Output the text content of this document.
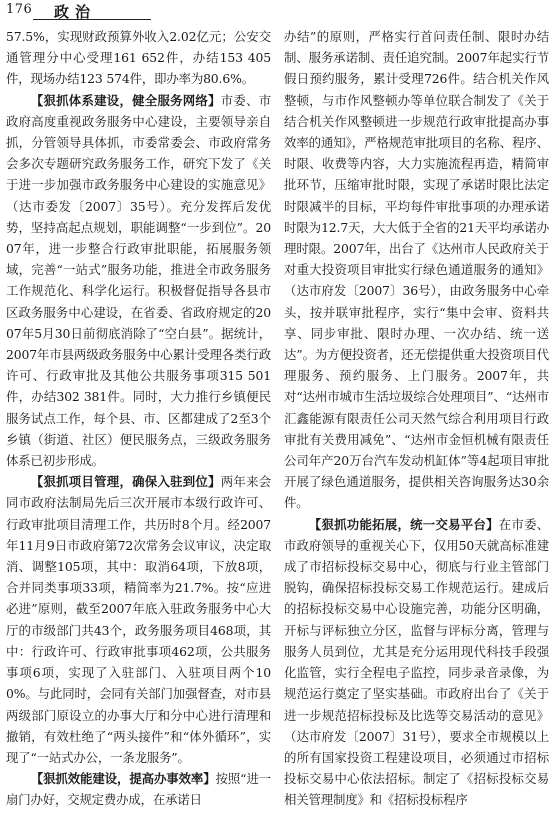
176 政治

57.5%，实现财政预算外收入2.02亿元；公安交通管理分中心受理161 652件，办结153 405件，现场办结123 574件，即办率为80.6%。

【狠抓体系建设，健全服务网络】市委、市政府高度重视政务服务中心建设，主要领导亲自抓，分管领导具体抓，市委常委会、市政府常务会多次专题研究政务服务工作，研究下发了《关于进一步加强市政务服务中心建设的实施意见》（达市委发〔2007〕35号）。充分发挥后发优势，坚持高起点规划，职能调整“一步到位”。2007年，进一步整合行政审批职能，拓展服务领域，完善“一站式”服务功能，推进全市政务服务工作规范化、科学化运行。积极督促指导各县市区政务服务中心建设，在省委、省政府规定的2007年5月30日前彻底消除了“空白县”。据统计，2007年市县两级政务服务中心累计受理各类行政许可、行政审批及其他公共服务事项315 501件，办结302 381件。同时，大力推行乡镇便民服务试点工作，每个县、市、区都建成了2至3个乡镇（街道、社区）便民服务点，三级政务服务体系已初步形成。

【狠抓项目管理，确保入驻到位】两年来会同市政府法制局先后三次开展市本级行政许可、行政审批项目清理工作，共历时8个月。经2007年11月9日市政府第72次常务会议审议，决定取消、调整105项，其中：取消64项，下放8项，合并同类事项33项，精简率为21.7%。按“应进必进”原则，截至2007年底入驻政务服务中心大厅的市级部门共43个，政务服务项目468项，其中：行政许可、行政审批事项462项，公共服务事项6项，实现了入驻部门、入驻项目两个100%。与此同时，会同有关部门加强督查，对市县两级部门原设立的办事大厅和分中心进行清理和撤销，有效杜绝了“两头接件”和“体外循环”，实现了“一站式办公，一条龙服务”。

【狠抓效能建设，提高办事效率】按照“进一扇门办好，交规定费办成，在承诺日

办结”的原则，严格实行首问责任制、限时办结制、服务承诺制、责任追究制。2007年起实行节假日预约服务，累计受理726件。结合机关作风整顿，与市作风整顿办等单位联合制发了《关于结合机关作风整顿进一步规范行政审批提高办事效率的通知》，严格规范审批项目的名称、程序、时限、收费等内容，大力实施流程再造，精简审批环节，压缩审批时限，实现了承诺时限比法定时限减半的目标，平均每件审批事项的办理承诺时限为12.7天，大大低于全省的21天平均承诺办理时限。2007年，出台了《达州市人民政府关于对重大投资项目审批实行绿色通道服务的通知》（达市府发〔2007〕36号），由政务服务中心牵头，按并联审批程序，实行“集中会审、资料共享、同步审批、限时办理、一次办结、统一送达”。为方便投资者，还无偿提供重大投资项目代理服务、预约服务、上门服务。2007年，共对“达州市城市生活垃圾综合处理项目”、“达州市汇鑫能源有限责任公司天然气综合利用项目行政审批有关费用减免”、“达州市金恒机械有限责任公司年产20万台汽车发动机缸体”等4起项目审批开展了绿色通道服务，提供相关咨询服务达30余件。

【狠抓功能拓展，统一交易平台】在市委、市政府领导的重视关心下，仅用50天就高标准建成了市招标投标交易中心，彻底与行业主管部门脱钩，确保招标投标交易工作规范运行。建成后的招标投标交易中心设施完善，功能分区明确，开标与评标独立分区，监督与评标分离，管理与服务人员到位，尤其是充分运用现代科技手段强化监管，实行全程电子监控，同步录音录像，为规范运行奠定了坚实基础。市政府出台了《关于进一步规范招标投标及比选等交易活动的意见》（达市府发〔2007〕31号），要求全市规模以上的所有国家投资工程建设项目，必须通过市招标投标交易中心依法招标。制定了《招标投标交易相关管理制度》和《招标投标程序
